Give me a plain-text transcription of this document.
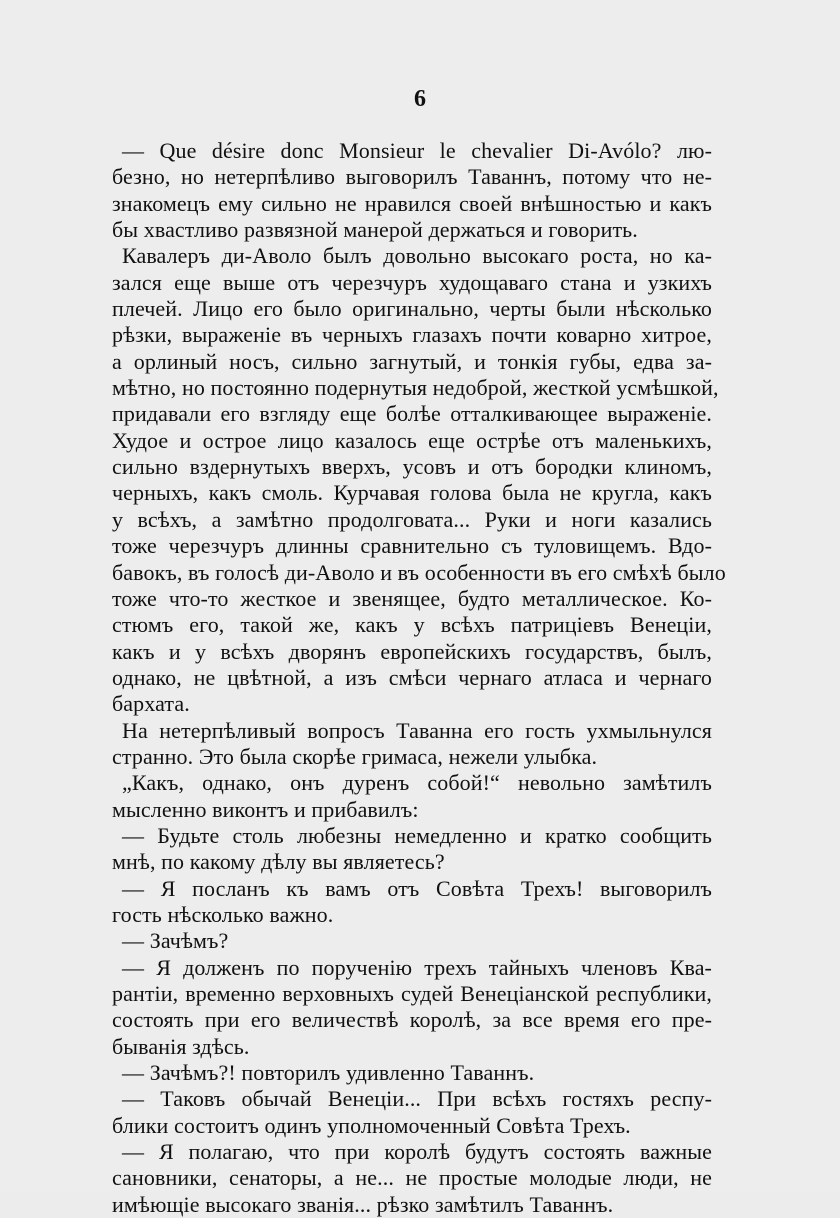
6

— Que désire donc Monsieur le chevalier Di-Avólo? лю-
безно, но нетерпѣливо выговорилъ Таваннъ, потому что не-
знакомецъ ему сильно не нравился своей внѣшностью и какъ
бы хвастливо развязной манерой держаться и говорить.

Кавалеръ ди-Аволо былъ довольно высокаго роста, но ка-
зался еще выше отъ черезчуръ худощаваго стана и узкихъ
плечей. Лицо его было оригинально, черты были нѣсколько
рѣзки, выраженіе въ черныхъ глазахъ почти коварно хитрое,
а орлиный носъ, сильно загнутый, и тонкія губы, едва за-
мѣтно, но постоянно подернутыя недоброй, жесткой усмѣшкой,
придавали его взгляду еще болѣе отталкивающее выраженіе.
Худое и острое лицо казалось еще острѣе отъ маленькихъ,
сильно вздернутыхъ вверхъ, усовъ и отъ бородки клиномъ,
черныхъ, какъ смоль. Курчавая голова была не кругла, какъ
у всѣхъ, а замѣтно продолговата... Руки и ноги казались
тоже черезчуръ длинны сравнительно съ туловищемъ. Вдо-
бавокъ, въ голосѣ ди-Аволо и въ особенности въ его смѣхѣ было
тоже что-то жесткое и звенящее, будто металлическое. Ко-
стюмъ его, такой же, какъ у всѣхъ патриціевъ Венеціи,
какъ и у всѣхъ дворянъ европейскихъ государствъ, былъ,
однако, не цвѣтной, а изъ смѣси чернаго атласа и чернаго
бархата.

На нетерпѣливый вопросъ Таванна его гость ухмыльнулся
странно. Это была скорѣе гримаса, нежели улыбка.

„Какъ, однако, онъ дуренъ собой!“ невольно замѣтилъ
мысленно виконтъ и прибавилъ:

— Будьте столь любезны немедленно и кратко сообщить
мнѣ, по какому дѣлу вы являетесь?

— Я посланъ къ вамъ отъ Совѣта Трехъ! выговорилъ
гость нѣсколько важно.

— Зачѣмъ?

— Я долженъ по порученію трехъ тайныхъ членовъ Ква-
рантіи, временно верховныхъ судей Венеціанской республики,
состоять при его величествѣ королѣ, за все время его пре-
быванія здѣсь.

— Зачѣмъ?! повторилъ удивленно Таваннъ.

— Таковъ обычай Венеціи... При всѣхъ гостяхъ респу-
блики состоитъ одинъ уполномоченный Совѣта Трехъ.

— Я полагаю, что при королѣ будутъ состоять важные
сановники, сенаторы, а не... не простые молодые люди, не
имѣющіе высокаго званія... рѣзко замѣтилъ Таваннъ.
